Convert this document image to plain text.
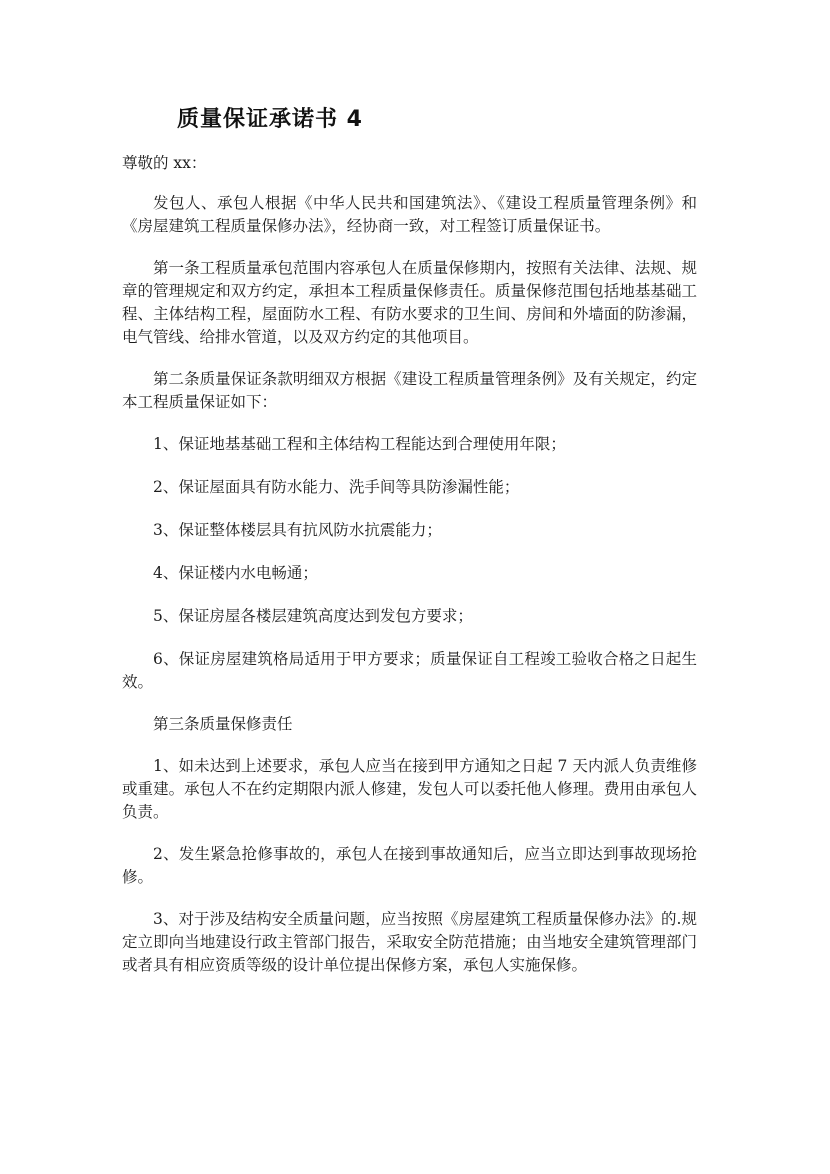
质量保证承诺书 4

尊敬的 xx：

发包人、承包人根据《中华人民共和国建筑法》、《建设工程质量管理条例》和《房屋建筑工程质量保修办法》，经协商一致，对工程签订质量保证书。

第一条工程质量承包范围内容承包人在质量保修期内，按照有关法律、法规、规章的管理规定和双方约定，承担本工程质量保修责任。质量保修范围包括地基基础工程、主体结构工程，屋面防水工程、有防水要求的卫生间、房间和外墙面的防渗漏，电气管线、给排水管道，以及双方约定的其他项目。

第二条质量保证条款明细双方根据《建设工程质量管理条例》及有关规定，约定本工程质量保证如下：

1、保证地基基础工程和主体结构工程能达到合理使用年限；

2、保证屋面具有防水能力、洗手间等具防渗漏性能；

3、保证整体楼层具有抗风防水抗震能力；

4、保证楼内水电畅通；

5、保证房屋各楼层建筑高度达到发包方要求；

6、保证房屋建筑格局适用于甲方要求；质量保证自工程竣工验收合格之日起生效。

第三条质量保修责任

1、如未达到上述要求，承包人应当在接到甲方通知之日起 7 天内派人负责维修或重建。承包人不在约定期限内派人修建，发包人可以委托他人修理。费用由承包人负责。

2、发生紧急抢修事故的，承包人在接到事故通知后，应当立即达到事故现场抢修。

3、对于涉及结构安全质量问题，应当按照《房屋建筑工程质量保修办法》的.规定立即向当地建设行政主管部门报告，采取安全防范措施；由当地安全建筑管理部门或者具有相应资质等级的设计单位提出保修方案，承包人实施保修。
